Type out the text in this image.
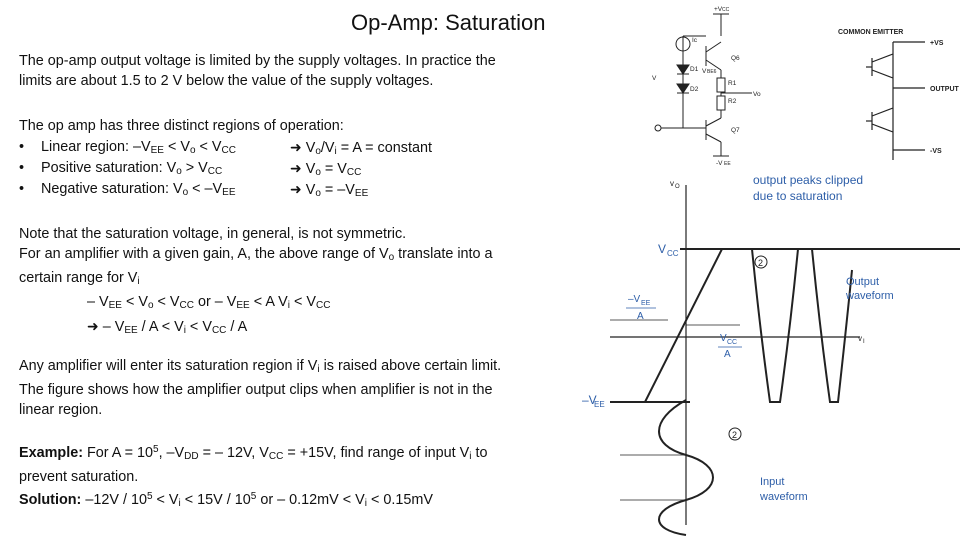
Op-Amp: Saturation
The op-amp output voltage is limited by the supply voltages. In practice the
limits are about 1.5 to 2 V below the value of the supply voltages.
The op amp has three distinct regions of operation:
• Linear region: $-V_{EE} < V_o < V_{CC}$	➜ $V_o/V_i = A$ = constant
• Positive saturation: $V_o > V_{CC}$	➜ $V_o = V_{CC}$
• Negative saturation: $V_o < -V_{EE}$	➜ $V_o = -V_{EE}$
Note that the saturation voltage, in general, is not symmetric.
For an amplifier with a given gain, A, the above range of $V_o$ translate into a
certain range for $V_i$
– $V_{EE} < V_o < V_{CC}$ or – $V_{EE} < A$ $V_i < V_{CC}$
➜ – $V_{EE} / A < V_i < V_{CC} / A$
Any amplifier will enter its saturation region if $V_i$ is raised above certain limit.
The figure shows how the amplifier output clips when amplifier is not in the
linear region.
Example: For $A = 10^5$, $-V_{DD}$ = – 12V, $V_{CC} = +15V$, find range of input $V_i$ to
prevent saturation.
Solution: $-12V / 10^5 < V_i < 15V / 10^5$ or – $0.12mV < V_i < 0.15mV$
+V CC
Ic
Q6
D1
D2
V
R1
R2
Vo
Q7
-V EE
V BE6
COMMON EMITTER
+VS
OUTPUT
-VS
2
2
output peaks clipped
due to saturation
V CC
–V
EE
–V EE
A
V CC
A
Output
waveform
Input
waveform
v O
v I
